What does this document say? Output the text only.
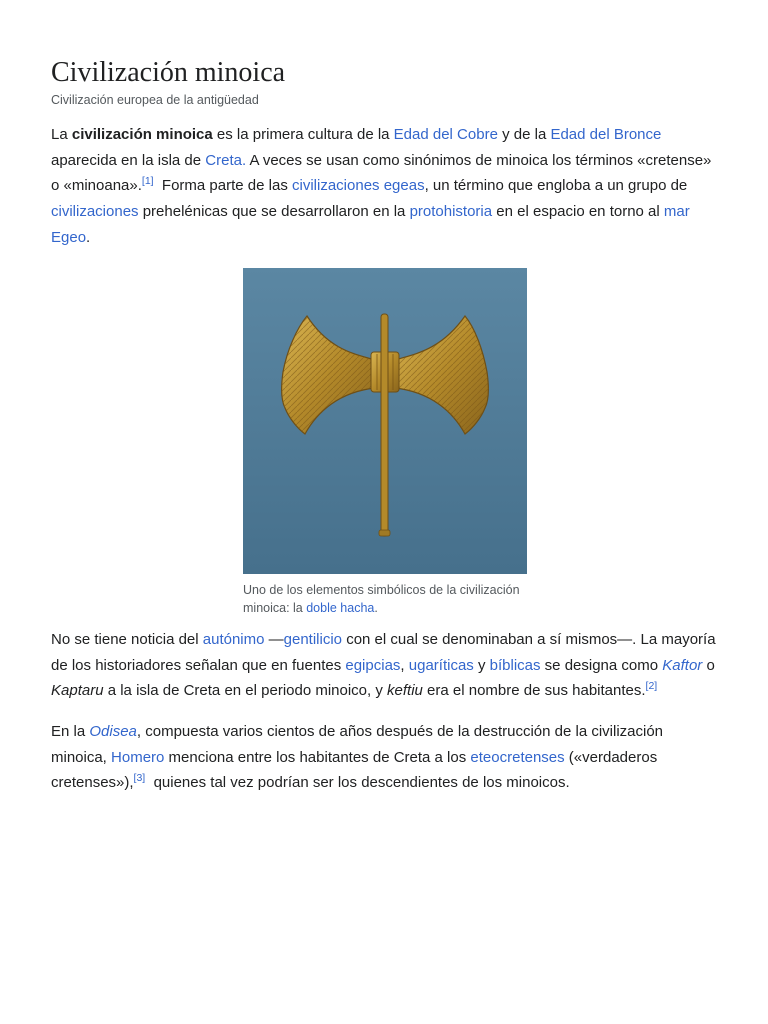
Civilización minoica
Civilización europea de la antigüedad

La civilización minoica es la primera cultura de la Edad del Cobre y de la Edad del Bronce aparecida en la isla de Creta. A veces se usan como sinónimos de minoica los términos «cretense» o «minoana».[1]  Forma parte de las civilizaciones egeas, un término que engloba a un grupo de civilizaciones prehelénicas que se desarrollaron en la protohistoria en el espacio en torno al mar Egeo.

Uno de los elementos simbólicos de la civilización minoica: la doble hacha.

No se tiene noticia del autónimo —gentilicio con el cual se denominaban a sí mismos—. La mayoría de los historiadores señalan que en fuentes egipcias, ugaríticas y bíblicas se designa como Kaftor o Kaptaru a la isla de Creta en el periodo minoico, y keftiu era el nombre de sus habitantes.[2]

En la Odisea, compuesta varios cientos de años después de la destrucción de la civilización minoica, Homero menciona entre los habitantes de Creta a los eteocretenses («verdaderos cretenses»),[3]  quienes tal vez podrían ser los descendientes de los minoicos.
